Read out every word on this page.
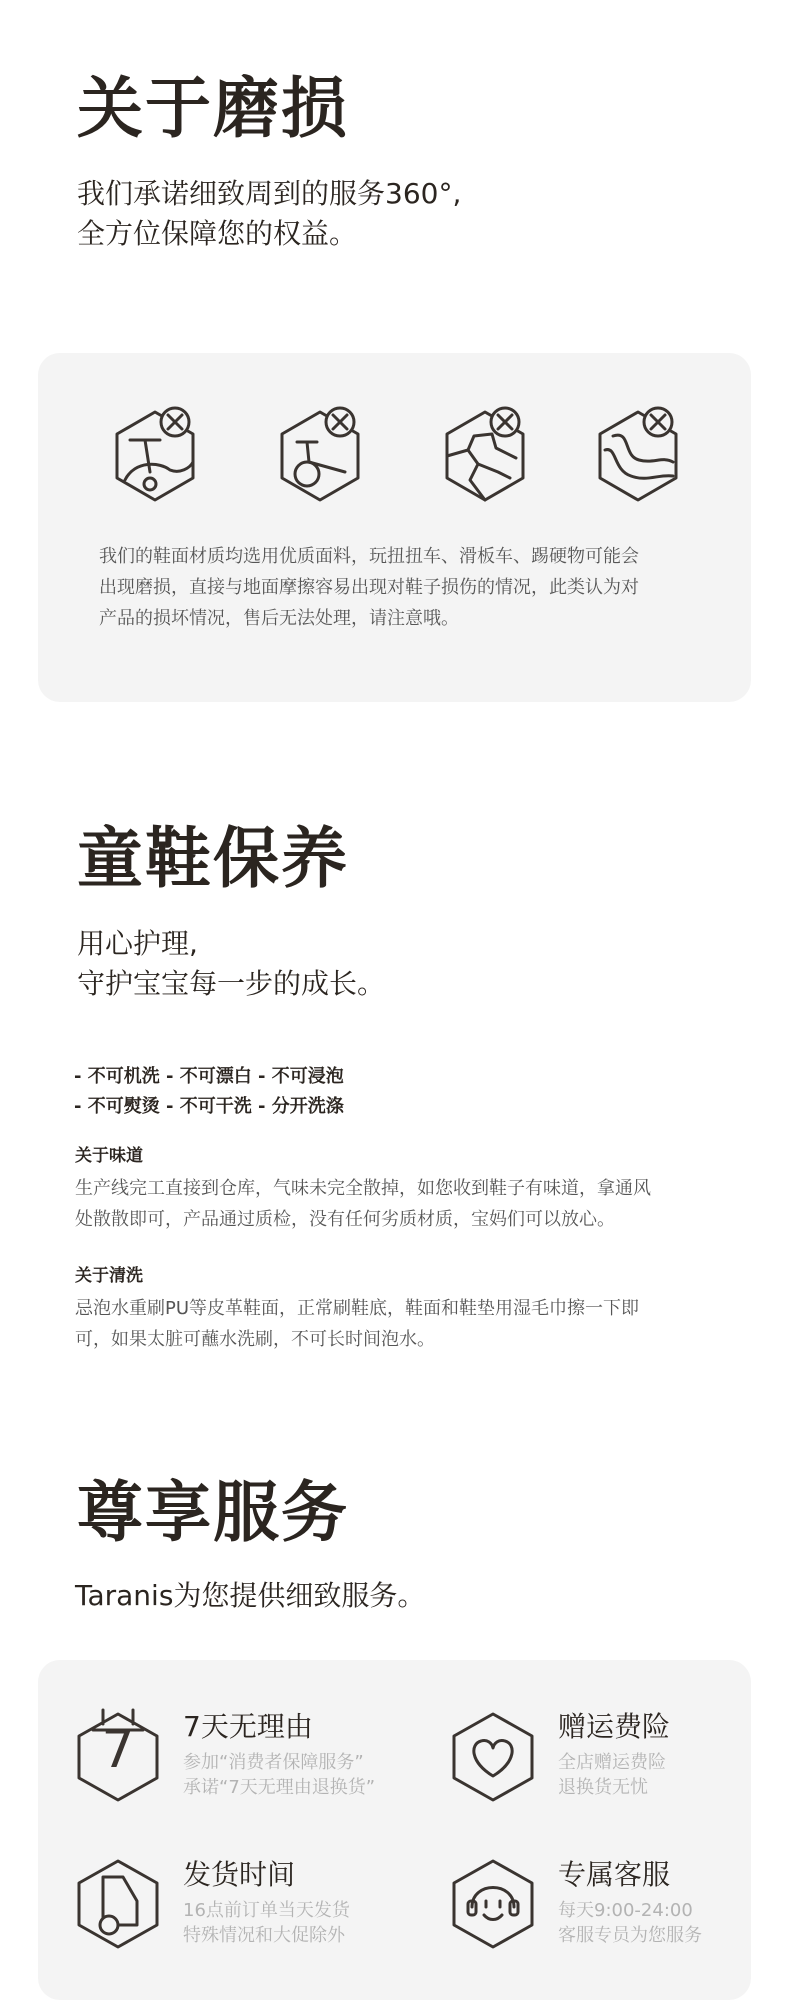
关于磨损
我们承诺细致周到的服务360°,
全方位保障您的权益。
我们的鞋面材质均选用优质面料，玩扭扭车、滑板车、踢硬物可能会
出现磨损，直接与地面摩擦容易出现对鞋子损伤的情况，此类认为对
产品的损坏情况，售后无法处理，请注意哦。
童鞋保养
用心护理,
守护宝宝每一步的成长。
- 不可机洗 - 不可漂白 - 不可浸泡
- 不可熨烫 - 不可干洗 - 分开洗涤
关于味道
生产线完工直接到仓库，气味未完全散掉，如您收到鞋子有味道，拿通风
处散散即可，产品通过质检，没有任何劣质材质，宝妈们可以放心。
关于清洗
忌泡水重刷PU等皮革鞋面，正常刷鞋底，鞋面和鞋垫用湿毛巾擦一下即
可，如果太脏可蘸水洗刷，不可长时间泡水。
尊享服务
Taranis为您提供细致服务。
7	7天无理由
参加“消费者保障服务”
承诺“7天无理由退换货”
赠运费险
全店赠运费险
退换货无忧
发货时间
16点前订单当天发货
特殊情况和大促除外
专属客服
每天9:00-24:00
客服专员为您服务
